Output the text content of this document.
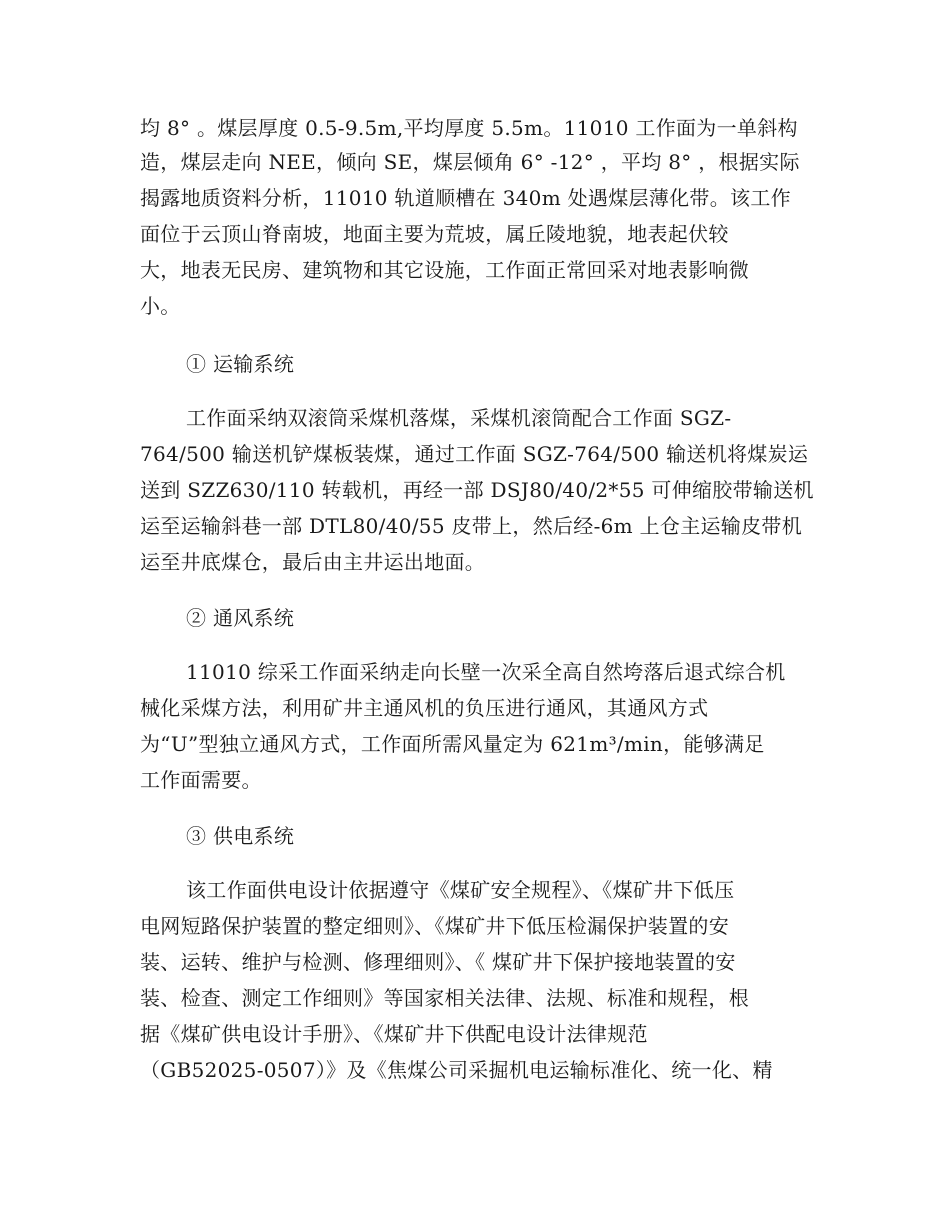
均 8° 。煤层厚度 0.5-9.5m,平均厚度 5.5m。11010 工作面为一单斜构
造，煤层走向 NEE，倾向 SE，煤层倾角 6° -12° ，平均 8° ，根据实际
揭露地质资料分析，11010 轨道顺槽在 340m 处遇煤层薄化带。该工作
面位于云顶山脊南坡，地面主要为荒坡，属丘陵地貌，地表起伏较
大，地表无民房、建筑物和其它设施，工作面正常回采对地表影响微
小。
① 运输系统
工作面采纳双滚筒采煤机落煤，采煤机滚筒配合工作面 SGZ-
764/500 输送机铲煤板装煤，通过工作面 SGZ-764/500 输送机将煤炭运
送到 SZZ630/110 转载机，再经一部 DSJ80/40/2*55 可伸缩胶带输送机
运至运输斜巷一部 DTL80/40/55 皮带上，然后经-6m 上仓主运输皮带机
运至井底煤仓，最后由主井运出地面。
② 通风系统
11010 综采工作面采纳走向长壁一次采全高自然垮落后退式综合机
械化采煤方法，利用矿井主通风机的负压进行通风，其通风方式
为“U”型独立通风方式，工作面所需风量定为 621m³/min，能够满足
工作面需要。
③ 供电系统
该工作面供电设计依据遵守《煤矿安全规程》、《煤矿井下低压
电网短路保护装置的整定细则》、《煤矿井下低压检漏保护装置的安
装、运转、维护与检测、修理细则》、《 煤矿井下保护接地装置的安
装、检查、测定工作细则》等国家相关法律、法规、标准和规程，根
据《煤矿供电设计手册》、《煤矿井下供配电设计法律规范
（GB52025-0507）》及《焦煤公司采掘机电运输标准化、统一化、精
